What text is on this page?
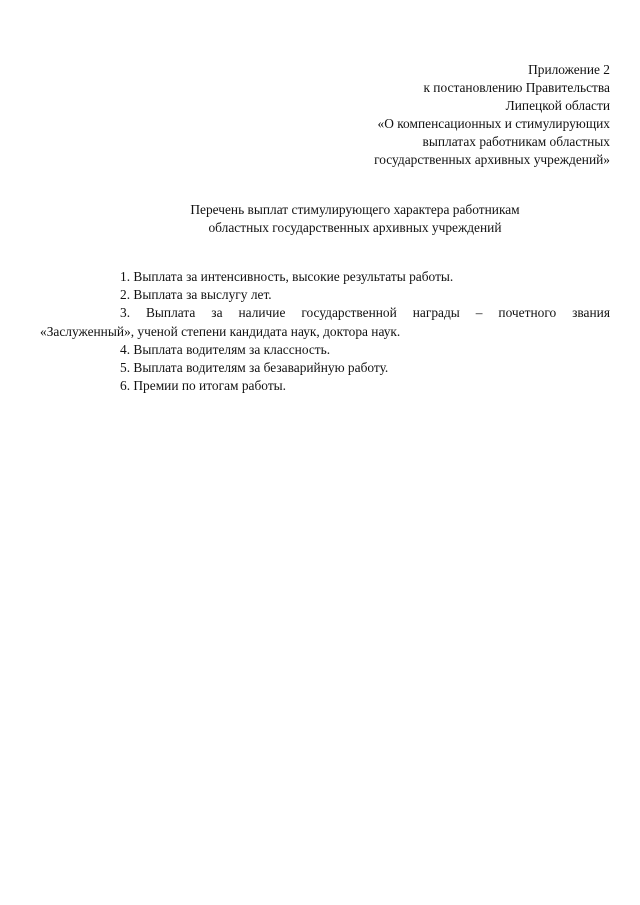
Приложение 2
к постановлению Правительства
Липецкой области
«О компенсационных и стимулирующих
выплатах работникам областных
государственных архивных учреждений»
Перечень выплат стимулирующего характера работникам
областных государственных архивных учреждений
1. Выплата за интенсивность, высокие результаты работы.
2. Выплата за выслугу лет.
3. Выплата за наличие государственной награды – почетного звания
«Заслуженный», ученой степени кандидата наук, доктора наук.
4. Выплата водителям за классность.
5. Выплата водителям за безаварийную работу.
6. Премии по итогам работы.
